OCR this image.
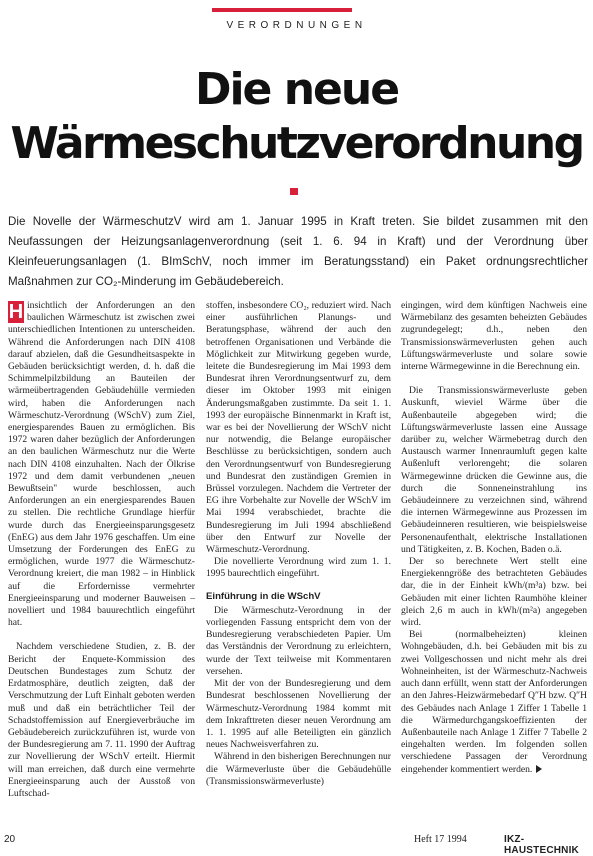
VERORDNUNGEN
Die neue
Wärmeschutzverordnung
Die Novelle der WärmeschutzV wird am 1. Januar 1995 in Kraft treten. Sie bildet zusammen mit den Neufassungen der Heizungsanlagenverordnung (seit 1. 6. 94 in Kraft) und der Verordnung über Kleinfeuerungsanlagen (1. BImSchV, noch immer im Beratungsstand) ein Paket ordnungsrechtlicher Maßnahmen zur CO₂-Minderung im Gebäudebereich.
H insichtlich der Anforderungen an den baulichen Wärmeschutz ist zwischen zwei unterschiedlichen Intentionen zu unterscheiden. Während die Anforderungen nach DIN 4108 darauf abzielen, daß die Gesundheitsaspekte in Gebäuden berücksichtigt werden, d. h. daß die Schimmelpilzbildung an Bauteilen der wärmeübertragenden Gebäudehülle vermieden wird, haben die Anforderungen nach Wärmeschutz-Verordnung (WSchV) zum Ziel, energiesparendes Bauen zu ermöglichen. Bis 1972 waren daher bezüglich der Anforderungen an den baulichen Wärmeschutz nur die Werte nach DIN 4108 einzuhalten. Nach der Ölkrise 1972 und dem damit verbundenen „neuen Bewußtsein" wurde beschlossen, auch Anforderungen an ein energiesparendes Bauen zu stellen. Die rechtliche Grundlage hierfür wurde durch das Energieeinsparungsgesetz (EnEG) aus dem Jahr 1976 geschaffen. Um eine Umsetzung der Forderungen des EnEG zu ermöglichen, wurde 1977 die Wärmeschutz-Verordnung kreiert, die man 1982 – in Hinblick auf die Erfordernisse vermehrter Energieeinsparung und moderner Bauweisen – novelliert und 1984 bauurechtlich eingeführt hat.

Nachdem verschiedene Studien, z. B. der Bericht der Enquete-Kommission des Deutschen Bundestages zum Schutz der Erdatmosphäre, deutlich zeigten, daß der Verschmutzung der Luft Einhalt geboten werden muß und daß ein beträchtlicher Teil der Schadstoffemission auf Energieverbräuche im Gebäudebereich zurückzuführen ist, wurde von der Bundesregierung am 7. 11. 1990 der Auftrag zur Novellierung der WSchV erteilt. Hiermit will man erreichen, daß durch eine vermehrte Energieeinsparung auch der Ausstoß von Luftschad-

stoffen, insbesondere CO₂, reduziert wird. Nach einer ausführlichen Planungs- und Beratungsphase, während der auch den betroffenen Organisationen und Verbände die Möglichkeit zur Mitwirkung gegeben wurde, leitete die Bundesregierung im Mai 1993 dem Bundesrat ihren Verordnungsentwurf zu, dem dieser im Oktober 1993 mit einigen Änderungsmaßgaben zustimmte. Da seit 1. 1. 1993 der europäische Binnenmarkt in Kraft ist, war es bei der Novellierung der WSchV nicht nur notwendig, die Belange europäischer Beschlüsse zu berücksichtigen, sondern auch den Verordnungsentwurf von Bundesregierung und Bundesrat den zuständigen Gremien in Brüssel vorzulegen. Nachdem die Vertreter der EG ihre Vorbehalte zur Novelle der WSchV im Mai 1994 verabschiedet, brachte die Bundesregierung im Juli 1994 abschließend über den Entwurf zur Novelle der Wärmeschutz-Verordnung.

Die novellierte Verordnung wird zum 1. 1. 1995 baurechtlich eingeführt.

Einführung in die WSchV

Die Wärmeschutz-Verordnung in der vorliegenden Fassung entspricht dem von der Bundesregierung verabschiedeten Papier. Um das Verständnis der Verordnung zu erleichtern, wurde der Text teilweise mit Kommentaren versehen.

Mit der von der Bundesregierung und dem Bundesrat beschlossenen Novellierung der Wärmeschutz-Verordnung 1984 kommt mit dem Inkrafttreten dieser neuen Verordnung am 1. 1. 1995 auf alle Beteiligten ein gänzlich neues Nachweisverfahren zu.

Während in den bisherigen Berechnungen nur die Wärmeverluste über die Gebäudehülle (Transmissionswärmeverluste)

eingingen, wird dem künftigen Nachweis eine Wärmebilanz des gesamten beheizten Gebäudes zugrundegelegt; d.h., neben den Transmissionswärmeverlusten gehen auch Lüftungswärmeverluste und solare sowie interne Wärmegewinne in die Berechnung ein.

Die Transmissionswärmeverluste geben Auskunft, wieviel Wärme über die Außenbauteile abgegeben wird; die Lüftungswärmeverluste lassen eine Aussage darüber zu, welcher Wärmebetrag durch den Austausch warmer Innenraumluft gegen kalte Außenluft verlorengeht; die solaren Wärmegewinne drücken die Gewinne aus, die durch die Sonneneinstrahlung ins Gebäudeinnere zu verzeichnen sind, während die internen Wärmegewinne aus Prozessen im Gebäudeinneren resultieren, wie beispielsweise Personenaufenthalt, elektrische Installationen und Tätigkeiten, z. B. Kochen, Baden o.ä.

Der so berechnete Wert stellt eine Energiekenngröße des betrachteten Gebäudes dar, die in der Einheit kWh/(m³a) bzw. bei Gebäuden mit einer lichten Raumhöhe kleiner gleich 2,6 m auch in kWh/(m²a) angegeben wird.

Bei (normalbeheizten) kleinen Wohngebäuden, d.h. bei Gebäuden mit bis zu zwei Vollgeschossen und nicht mehr als drei Wohneinheiten, ist der Wärmeschutz-Nachweis auch dann erfüllt, wenn statt der Anforderungen an den Jahres-Heizwärmebedarf Q″H bzw. Q″H des Gebäudes nach Anlage 1 Ziffer 1 Tabelle 1 die Wärmedurchgangskoeffizienten der Außenbauteile nach Anlage 1 Ziffer 7 Tabelle 2 eingehalten werden. Im folgenden sollen verschiedene Passagen der Verordnung eingehender kommentiert werden.

20	Heft 17 1994	IKZ-HAUSTECHNIK
